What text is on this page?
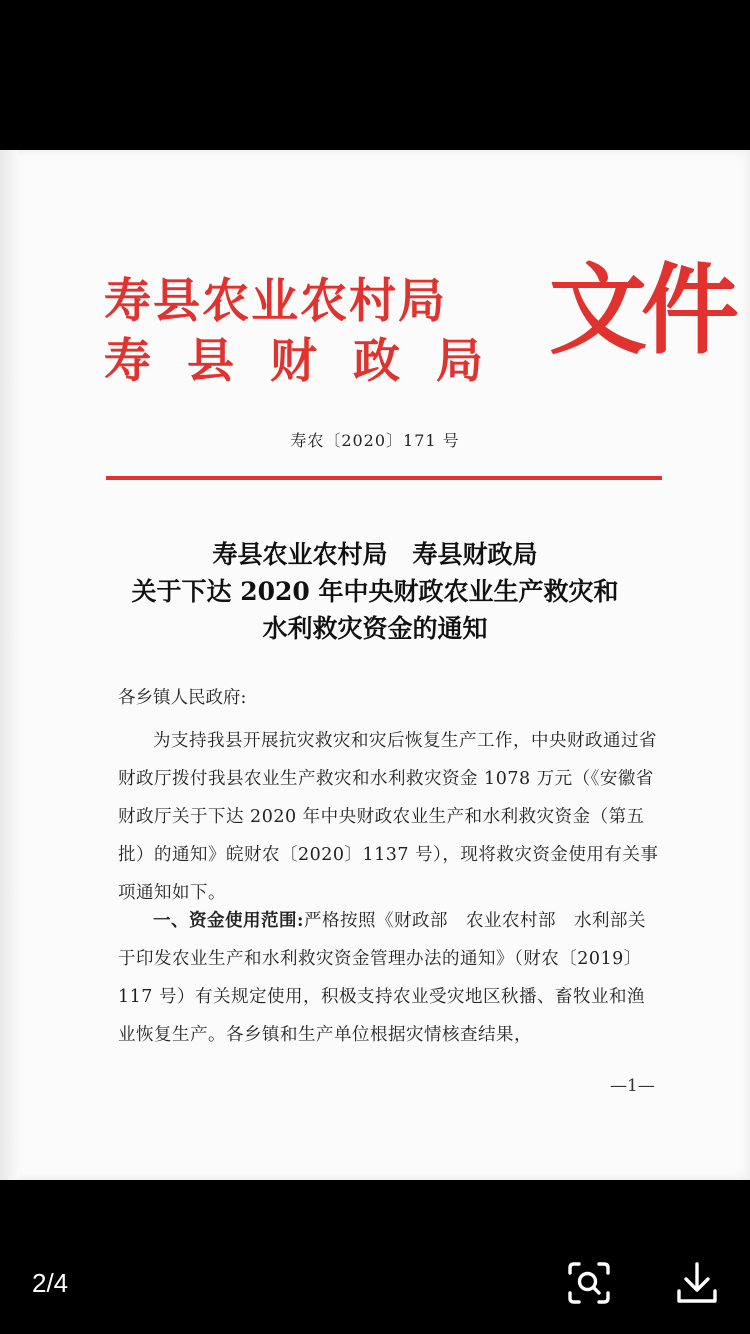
寿县农业农村局
寿县财政局 文件
寿农〔2020〕171 号
寿县农业农村局　寿县财政局
关于下达 2020 年中央财政农业生产救灾和
水利救灾资金的通知
各乡镇人民政府:
为支持我县开展抗灾救灾和灾后恢复生产工作，中央财政通过省财政厅拨付我县农业生产救灾和水利救灾资金 1078 万元（《安徽省财政厅关于下达 2020 年中央财政农业生产和水利救灾资金（第五批）的通知》皖财农〔2020〕1137 号），现将救灾资金使用有关事项通知如下。
一、资金使用范围:严格按照《财政部　农业农村部　水利部关于印发农业生产和水利救灾资金管理办法的通知》（财农〔2019〕117 号）有关规定使用，积极支持农业受灾地区秋播、畜牧业和渔业恢复生产。各乡镇和生产单位根据灾情核查结果，
—1—
2/4
